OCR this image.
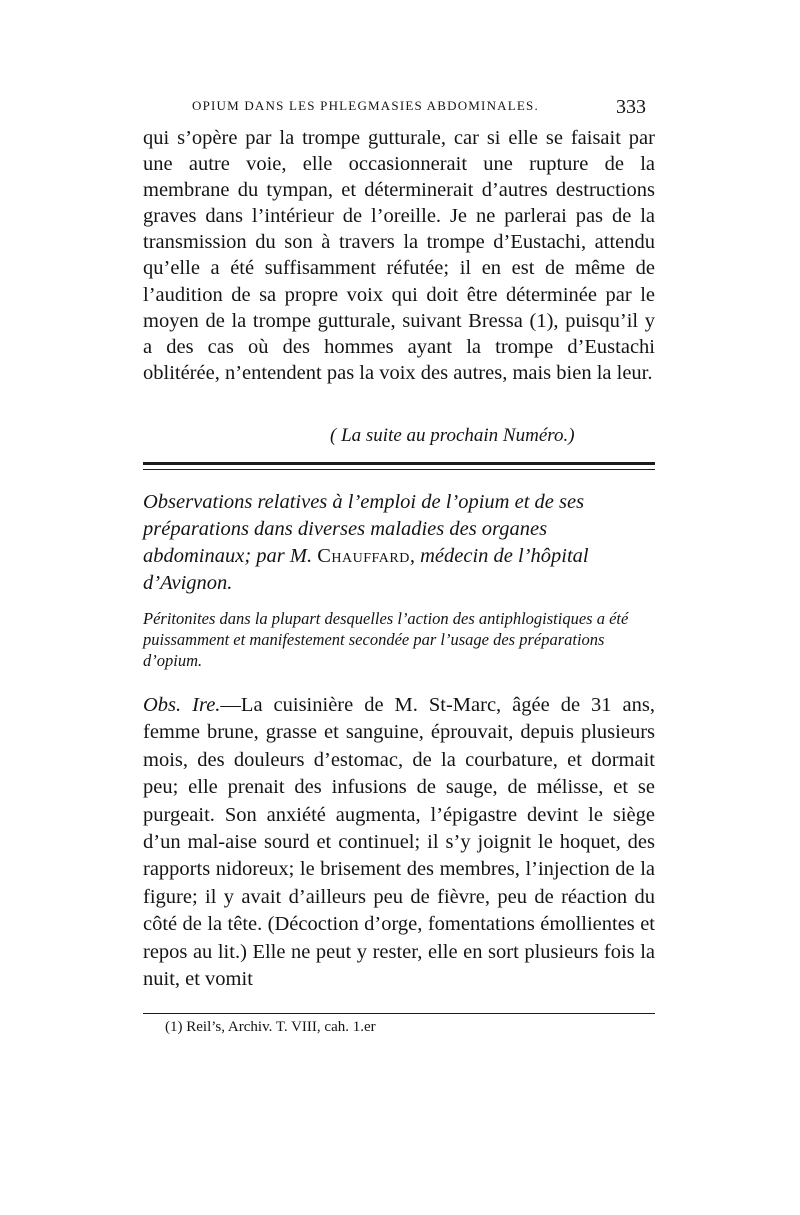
OPIUM DANS LES PHLEGMASIES ABDOMINALES.	333

qui s’opère par la trompe gutturale, car si elle se faisait par une autre voie, elle occasionnerait une rupture de la membrane du tympan, et déterminerait d’autres destructions graves dans l’intérieur de l’oreille. Je ne parlerai pas de la transmission du son à travers la trompe d’Eustachi, attendu qu’elle a été suffisamment réfutée; il en est de même de l’audition de sa propre voix qui doit être déterminée par le moyen de la trompe gutturale, suivant Bressa (1), puisqu’il y a des cas où des hommes ayant la trompe d’Eustachi oblitérée, n’entendent pas la voix des autres, mais bien la leur.

( La suite au prochain Numéro.)

Observations relatives à l’emploi de l’opium et de ses préparations dans diverses maladies des organes abdominaux; par M. Chauffard, médecin de l’hôpital d’Avignon.

Péritonites dans la plupart desquelles l’action des antiphlogistiques a été puissamment et manifestement secondée par l’usage des préparations d’opium.

Obs. Ire.—La cuisinière de M. St-Marc, âgée de 31 ans, femme brune, grasse et sanguine, éprouvait, depuis plusieurs mois, des douleurs d’estomac, de la courbature, et dormait peu; elle prenait des infusions de sauge, de mélisse, et se purgeait. Son anxiété augmenta, l’épigastre devint le siège d’un mal-aise sourd et continuel; il s’y joignit le hoquet, des rapports nidoreux; le brisement des membres, l’injection de la figure; il y avait d’ailleurs peu de fièvre, peu de réaction du côté de la tête. (Décoction d’orge, fomentations émollientes et repos au lit.) Elle ne peut y rester, elle en sort plusieurs fois la nuit, et vomit

(1) Reil’s, Archiv. T. VIII, cah. 1.er
